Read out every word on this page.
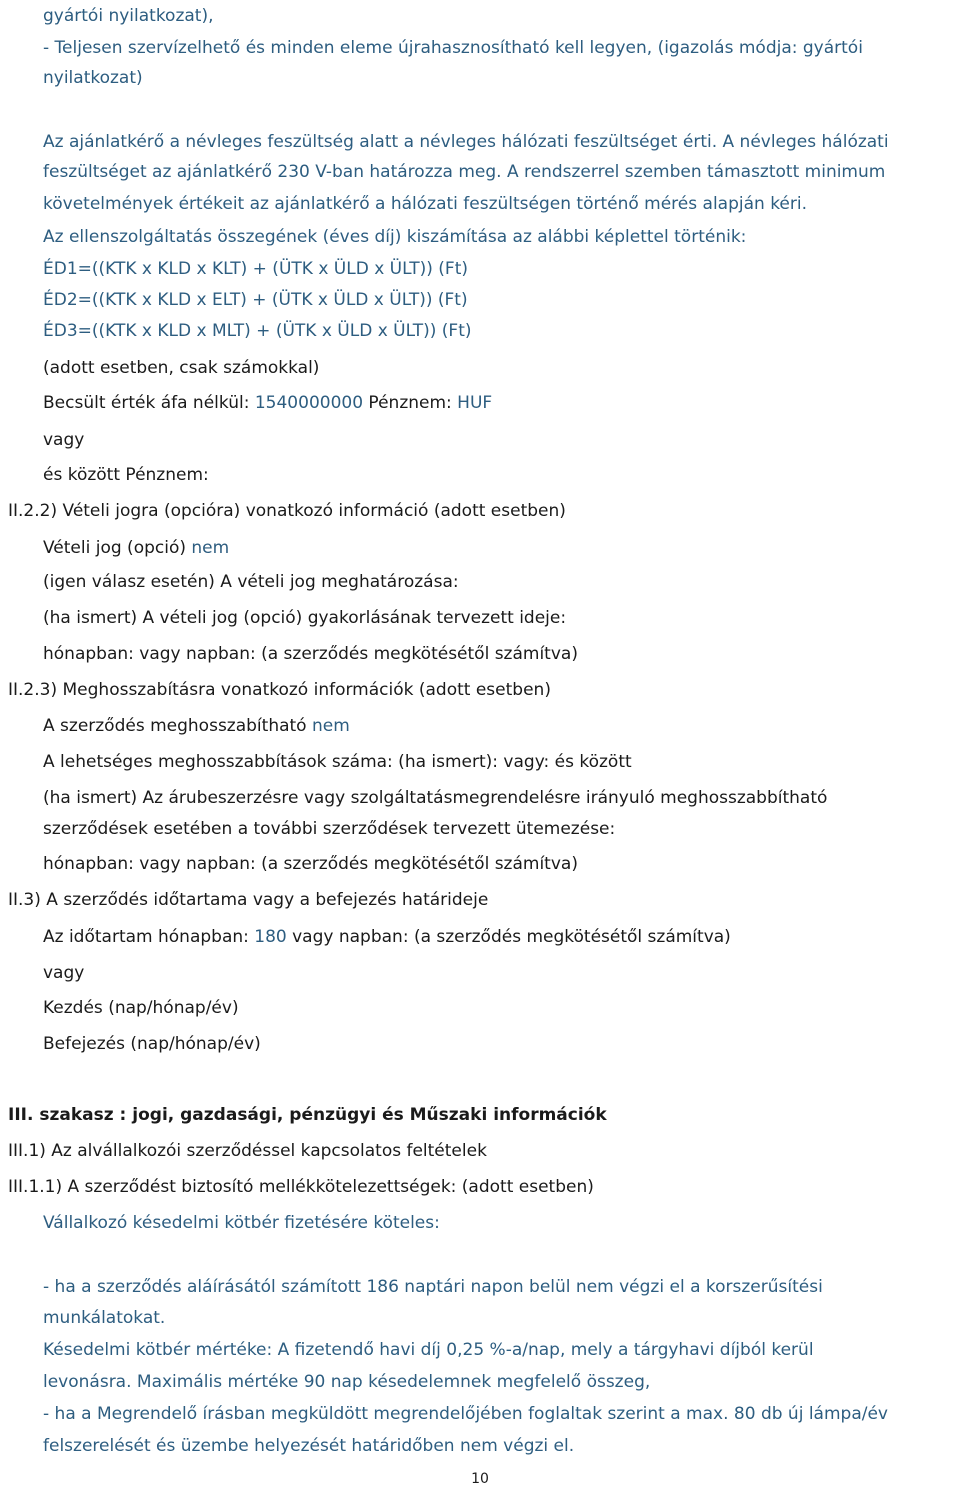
gyártói nyilatkozat),
- Teljesen szervízelhető és minden eleme újrahasznosítható kell legyen, (igazolás módja: gyártói
nyilatkozat)
Az ajánlatkérő a névleges feszültség alatt a névleges hálózati feszültséget érti. A névleges hálózati
feszültséget az ajánlatkérő 230 V-ban határozza meg. A rendszerrel szemben támasztott minimum
követelmények értékeit az ajánlatkérő a hálózati feszültségen történő mérés alapján kéri.
Az ellenszolgáltatás összegének (éves díj) kiszámítása az alábbi képlettel történik:
ÉD1=((KTK x KLD x KLT) + (ÜTK x ÜLD x ÜLT)) (Ft)
ÉD2=((KTK x KLD x ELT) + (ÜTK x ÜLD x ÜLT)) (Ft)
ÉD3=((KTK x KLD x MLT) + (ÜTK x ÜLD x ÜLT)) (Ft)
(adott esetben, csak számokkal)
Becsült érték áfa nélkül: 1540000000 Pénznem: HUF
vagy
és között Pénznem:
II.2.2) Vételi jogra (opcióra) vonatkozó információ (adott esetben)
Vételi jog (opció) nem
(igen válasz esetén) A vételi jog meghatározása:
(ha ismert) A vételi jog (opció) gyakorlásának tervezett ideje:
hónapban: vagy napban: (a szerződés megkötésétől számítva)
II.2.3) Meghosszabításra vonatkozó információk (adott esetben)
A szerződés meghosszabítható nem
A lehetséges meghosszabbítások száma: (ha ismert): vagy: és között
(ha ismert) Az árubeszerzésre vagy szolgáltatásmegrendelésre irányuló meghosszabbítható
szerződések esetében a további szerződések tervezett ütemezése:
hónapban: vagy napban: (a szerződés megkötésétől számítva)
II.3) A szerződés időtartama vagy a befejezés határideje
Az időtartam hónapban: 180 vagy napban: (a szerződés megkötésétől számítva)
vagy
Kezdés (nap/hónap/év)
Befejezés (nap/hónap/év)
III. szakasz : jogi, gazdasági, pénzügyi és Műszaki információk
III.1) Az alvállalkozói szerződéssel kapcsolatos feltételek
III.1.1) A szerződést biztosító mellékkötelezettségek: (adott esetben)
Vállalkozó késedelmi kötbér fizetésére köteles:
- ha a szerződés aláírásától számított 186 naptári napon belül nem végzi el a korszerűsítési
munkálatokat.
Késedelmi kötbér mértéke: A fizetendő havi díj 0,25 %-a/nap, mely a tárgyhavi díjból kerül
levonásra. Maximális mértéke 90 nap késedelemnek megfelelő összeg,
- ha a Megrendelő írásban megküldött megrendelőjében foglaltak szerint a max. 80 db új lámpa/év
felszerelését és üzembe helyezését határidőben nem végzi el.
10
